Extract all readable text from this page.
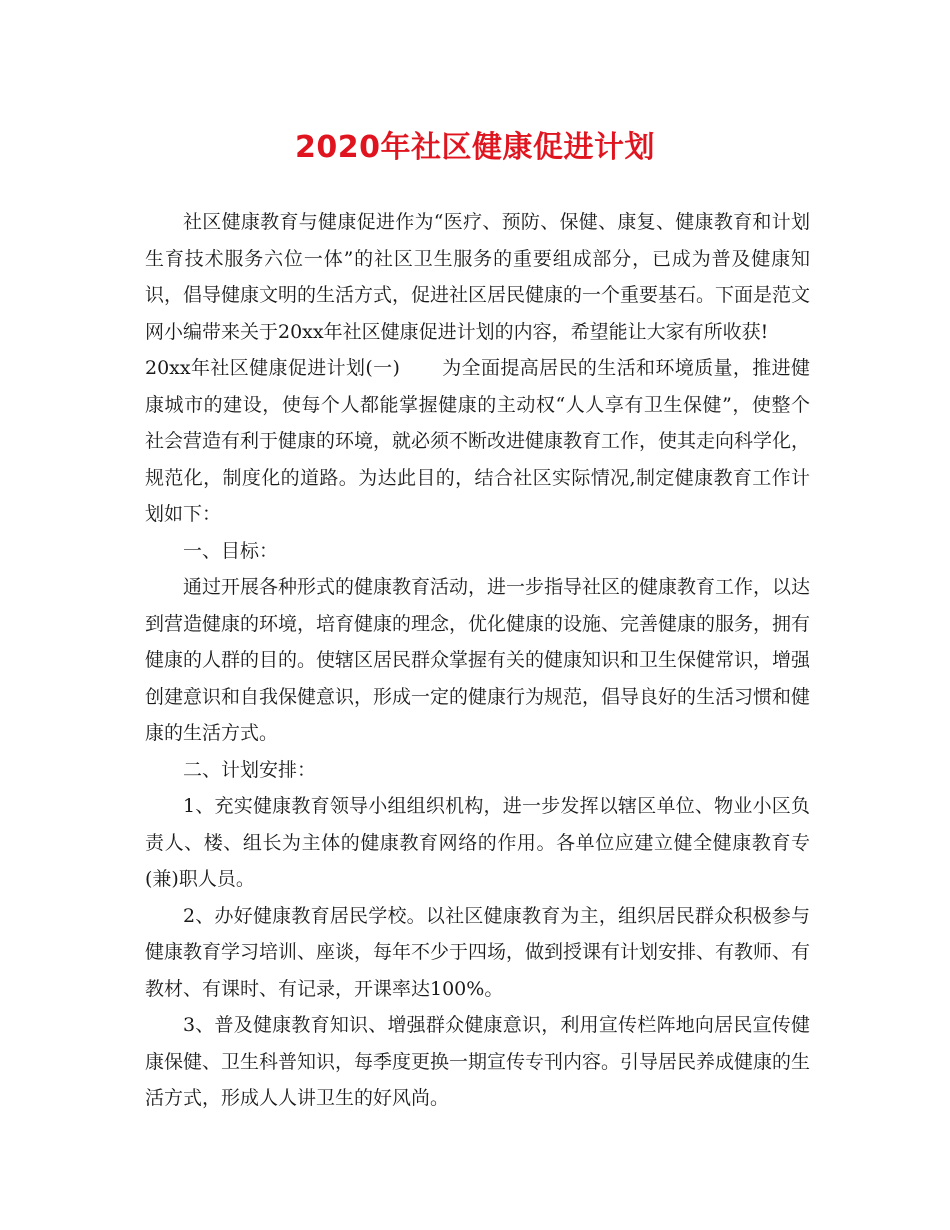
2020年社区健康促进计划

社区健康教育与健康促进作为“医疗、预防、保健、康复、健康教育和计划生育技术服务六位一体”的社区卫生服务的重要组成部分，已成为普及健康知识，倡导健康文明的生活方式，促进社区居民健康的一个重要基石。下面是范文网小编带来关于20xx年社区健康促进计划的内容，希望能让大家有所收获!

20xx年社区健康促进计划(一) 为全面提高居民的生活和环境质量，推进健康城市的建设，使每个人都能掌握健康的主动权“人人享有卫生保健”，使整个社会营造有利于健康的环境，就必须不断改进健康教育工作，使其走向科学化，规范化，制度化的道路。为达此目的，结合社区实际情况,制定健康教育工作计划如下：

一、目标：

通过开展各种形式的健康教育活动，进一步指导社区的健康教育工作，以达到营造健康的环境，培育健康的理念，优化健康的设施、完善健康的服务，拥有健康的人群的目的。使辖区居民群众掌握有关的健康知识和卫生保健常识，增强创建意识和自我保健意识，形成一定的健康行为规范，倡导良好的生活习惯和健康的生活方式。

二、计划安排：

1、充实健康教育领导小组组织机构，进一步发挥以辖区单位、物业小区负责人、楼、组长为主体的健康教育网络的作用。各单位应建立健全健康教育专(兼)职人员。

2、办好健康教育居民学校。以社区健康教育为主，组织居民群众积极参与健康教育学习培训、座谈，每年不少于四场，做到授课有计划安排、有教师、有教材、有课时、有记录，开课率达100%。

3、普及健康教育知识、增强群众健康意识，利用宣传栏阵地向居民宣传健康保健、卫生科普知识，每季度更换一期宣传专刊内容。引导居民养成健康的生活方式，形成人人讲卫生的好风尚。
